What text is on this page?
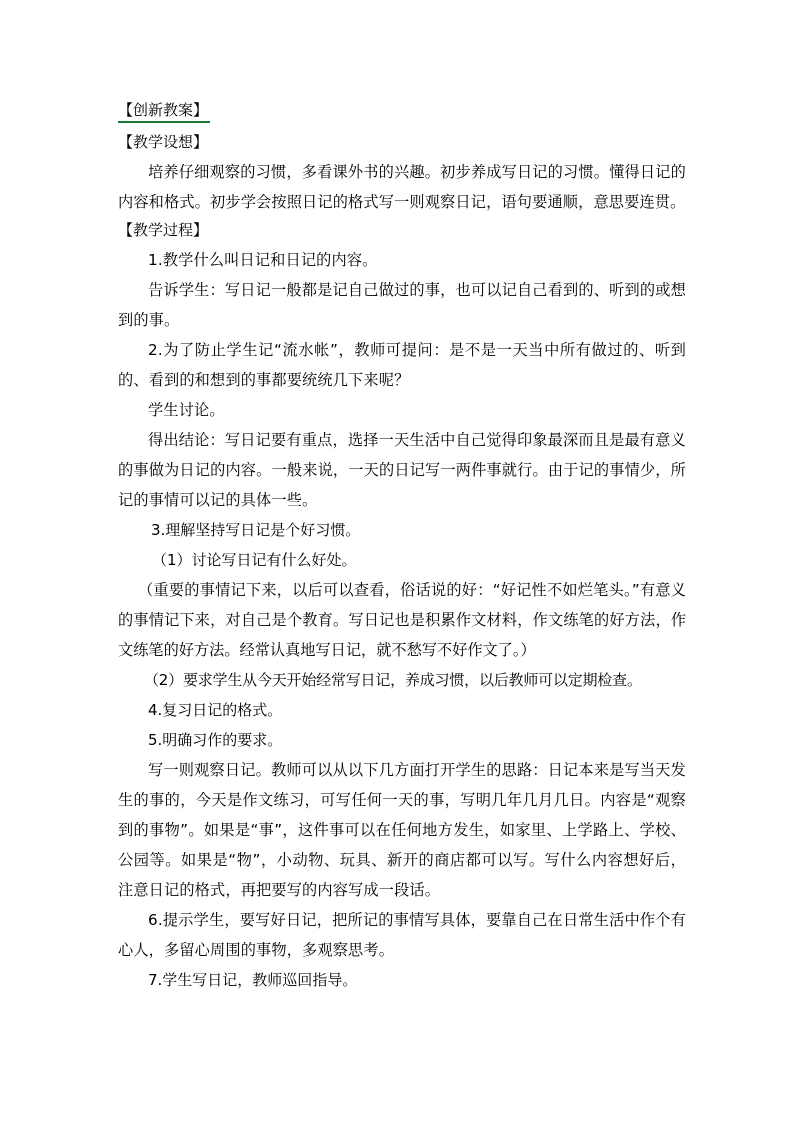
【创新教案】
【教学设想】

培养仔细观察的习惯，多看课外书的兴趣。初步养成写日记的习惯。懂得日记的内容和格式。初步学会按照日记的格式写一则观察日记，语句要通顺，意思要连贯。

【教学过程】

1.教学什么叫日记和日记的内容。

告诉学生：写日记一般都是记自己做过的事，也可以记自己看到的、听到的或想到的事。

2.为了防止学生记“流水帐”，教师可提问：是不是一天当中所有做过的、听到的、看到的和想到的事都要统统几下来呢？

学生讨论。

得出结论：写日记要有重点，选择一天生活中自己觉得印象最深而且是最有意义的事做为日记的内容。一般来说，一天的日记写一两件事就行。由于记的事情少，所记的事情可以记的具体一些。

3.理解坚持写日记是个好习惯。

（1）讨论写日记有什么好处。

（重要的事情记下来，以后可以查看，俗话说的好：“好记性不如烂笔头。”有意义的事情记下来，对自己是个教育。写日记也是积累作文材料，作文练笔的好方法，作文练笔的好方法。经常认真地写日记，就不愁写不好作文了。）

（2）要求学生从今天开始经常写日记，养成习惯，以后教师可以定期检查。

4.复习日记的格式。

5.明确习作的要求。

写一则观察日记。教师可以从以下几方面打开学生的思路：日记本来是写当天发生的事的，今天是作文练习，可写任何一天的事，写明几年几月几日。内容是“观察到的事物”。如果是“事”，这件事可以在任何地方发生，如家里、上学路上、学校、公园等。如果是“物”，小动物、玩具、新开的商店都可以写。写什么内容想好后，注意日记的格式，再把要写的内容写成一段话。

6.提示学生，要写好日记，把所记的事情写具体，要靠自己在日常生活中作个有心人，多留心周围的事物，多观察思考。

7.学生写日记，教师巡回指导。
